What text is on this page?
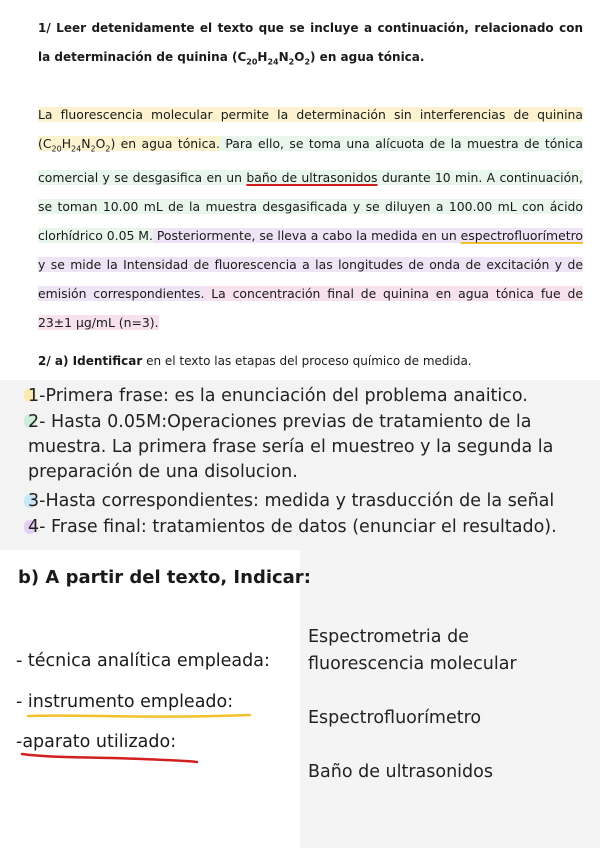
1/ Leer detenidamente el texto que se incluye a continuación, relacionado con la determinación de quinina $(C_{20}H_{24}N_2O_2)$ en agua tónica.
La fluorescencia molecular permite la determinación sin interferencias de quinina $(C_{20}H_{24}N_2O_2)$ en agua tónica. Para ello, se toma una alícuota de la muestra de tónica comercial y se desgasifica en un baño de ultrasonidos durante 10 min. A continuación, se toman 10.00 mL de la muestra desgasificada y se diluyen a 100.00 mL con ácido clorhídrico 0.05 M. Posteriormente, se lleva a cabo la medida en un espectrofluorímetro y se mide la Intensidad de fluorescencia a las longitudes de onda de excitación y de emisión correspondientes. La concentración final de quinina en agua tónica fue de 23±1 µg/mL (n=3).
2/ a) Identificar en el texto las etapas del proceso químico de medida.
1-Primera frase: es la enunciación del problema anaitico.
2- Hasta 0.05M:Operaciones previas de tratamiento de la
muestra. La primera frase sería el muestreo y la segunda la
preparación de una disolucion.
3-Hasta correspondientes: medida y trasducción de la señal
4- Frase final: tratamientos de datos (enunciar el resultado).
b) A partir del texto, Indicar:
- técnica analítica empleada:
- instrumento empleado:
-aparato utilizado:
Espectrometria de
fluorescencia molecular
Espectrofluorímetro
Baño de ultrasonidos
